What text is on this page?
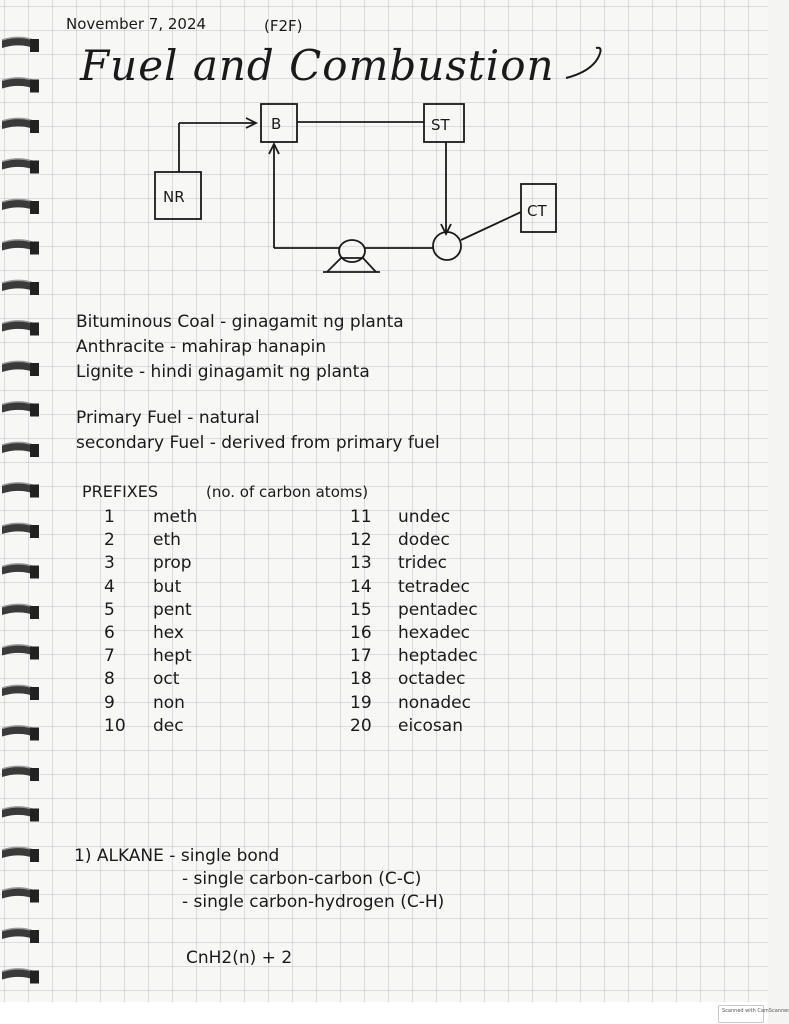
November 7, 2024	(F2F)
Fuel and Combustion
NR
B	ST
CT
Bituminous Coal - ginagamit ng planta
Anthracite - mahirap hanapin
Lignite - hindi ginagamit ng planta
Primary Fuel - natural
secondary Fuel - derived from primary fuel
PREFIXES	(no. of carbon atoms)
1 meth
2 eth
3 prop
4 but
5 pent
6 hex
7 hept
8 oct
9 non
10 dec
11 undec
12 dodec
13 tridec
14 tetradec
15 pentadec
16 hexadec
17 heptadec
18 octadec
19 nonadec
20 eicosan
1) ALKANE - single bond
- single carbon-carbon (C-C)
- single carbon-hydrogen (C-H)
CnH2(n) + 2
Scanned with CamScanner
